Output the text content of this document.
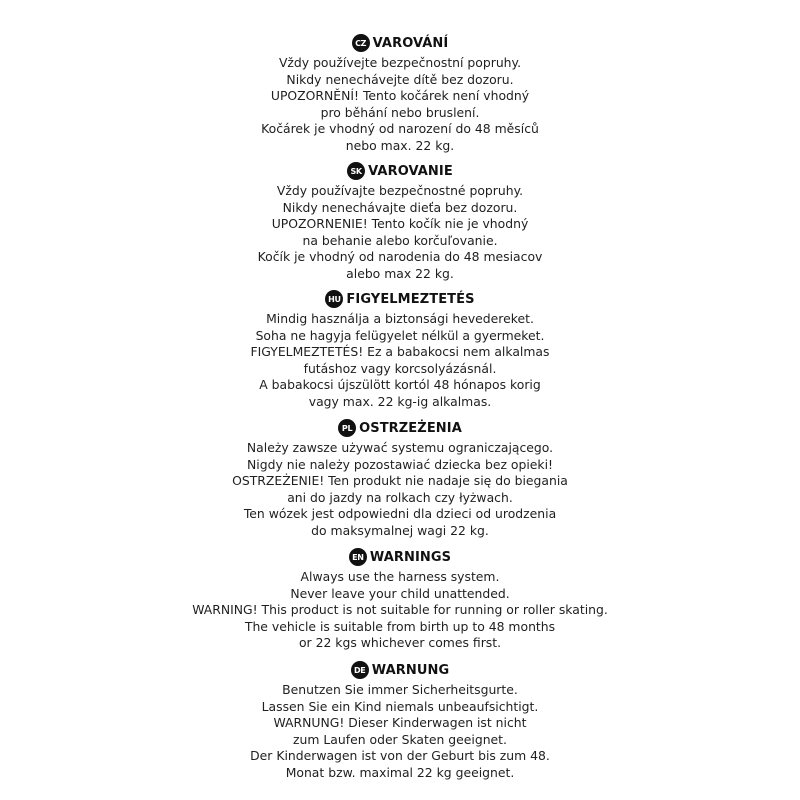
CZ VAROVÁNÍ
Vždy používejte bezpečnostní popruhy.
Nikdy nenechávejte dítě bez dozoru.
UPOZORNĚNÍ! Tento kočárek není vhodný
pro běhání nebo bruslení.
Kočárek je vhodný od narození do 48 měsíců
nebo max. 22 kg.
SK VAROVANIE
Vždy používajte bezpečnostné popruhy.
Nikdy nenechávajte dieťa bez dozoru.
UPOZORNENIE! Tento kočík nie je vhodný
na behanie alebo korčuľovanie.
Kočík je vhodný od narodenia do 48 mesiacov
alebo max 22 kg.
HU FIGYELMEZTETÉS
Mindig használja a biztonsági hevedereket.
Soha ne hagyja felügyelet nélkül a gyermeket.
FIGYELMEZTETÉS! Ez a babakocsi nem alkalmas
futáshoz vagy korcsolyázásnál.
A babakocsi újszülött kortól 48 hónapos korig
vagy max. 22 kg-ig alkalmas.
PL OSTRZEŻENIA
Należy zawsze używać systemu ograniczającego.
Nigdy nie należy pozostawiać dziecka bez opieki!
OSTRZEŻENIE! Ten produkt nie nadaje się do biegania
ani do jazdy na rolkach czy łyżwach.
Ten wózek jest odpowiedni dla dzieci od urodzenia
do maksymalnej wagi 22 kg.
EN WARNINGS
Always use the harness system.
Never leave your child unattended.
WARNING! This product is not suitable for running or roller skating.
The vehicle is suitable from birth up to 48 months
or 22 kgs whichever comes first.
DE WARNUNG
Benutzen Sie immer Sicherheitsgurte.
Lassen Sie ein Kind niemals unbeaufsichtigt.
WARNUNG! Dieser Kinderwagen ist nicht
zum Laufen oder Skaten geeignet.
Der Kinderwagen ist von der Geburt bis zum 48.
Monat bzw. maximal 22 kg geeignet.
